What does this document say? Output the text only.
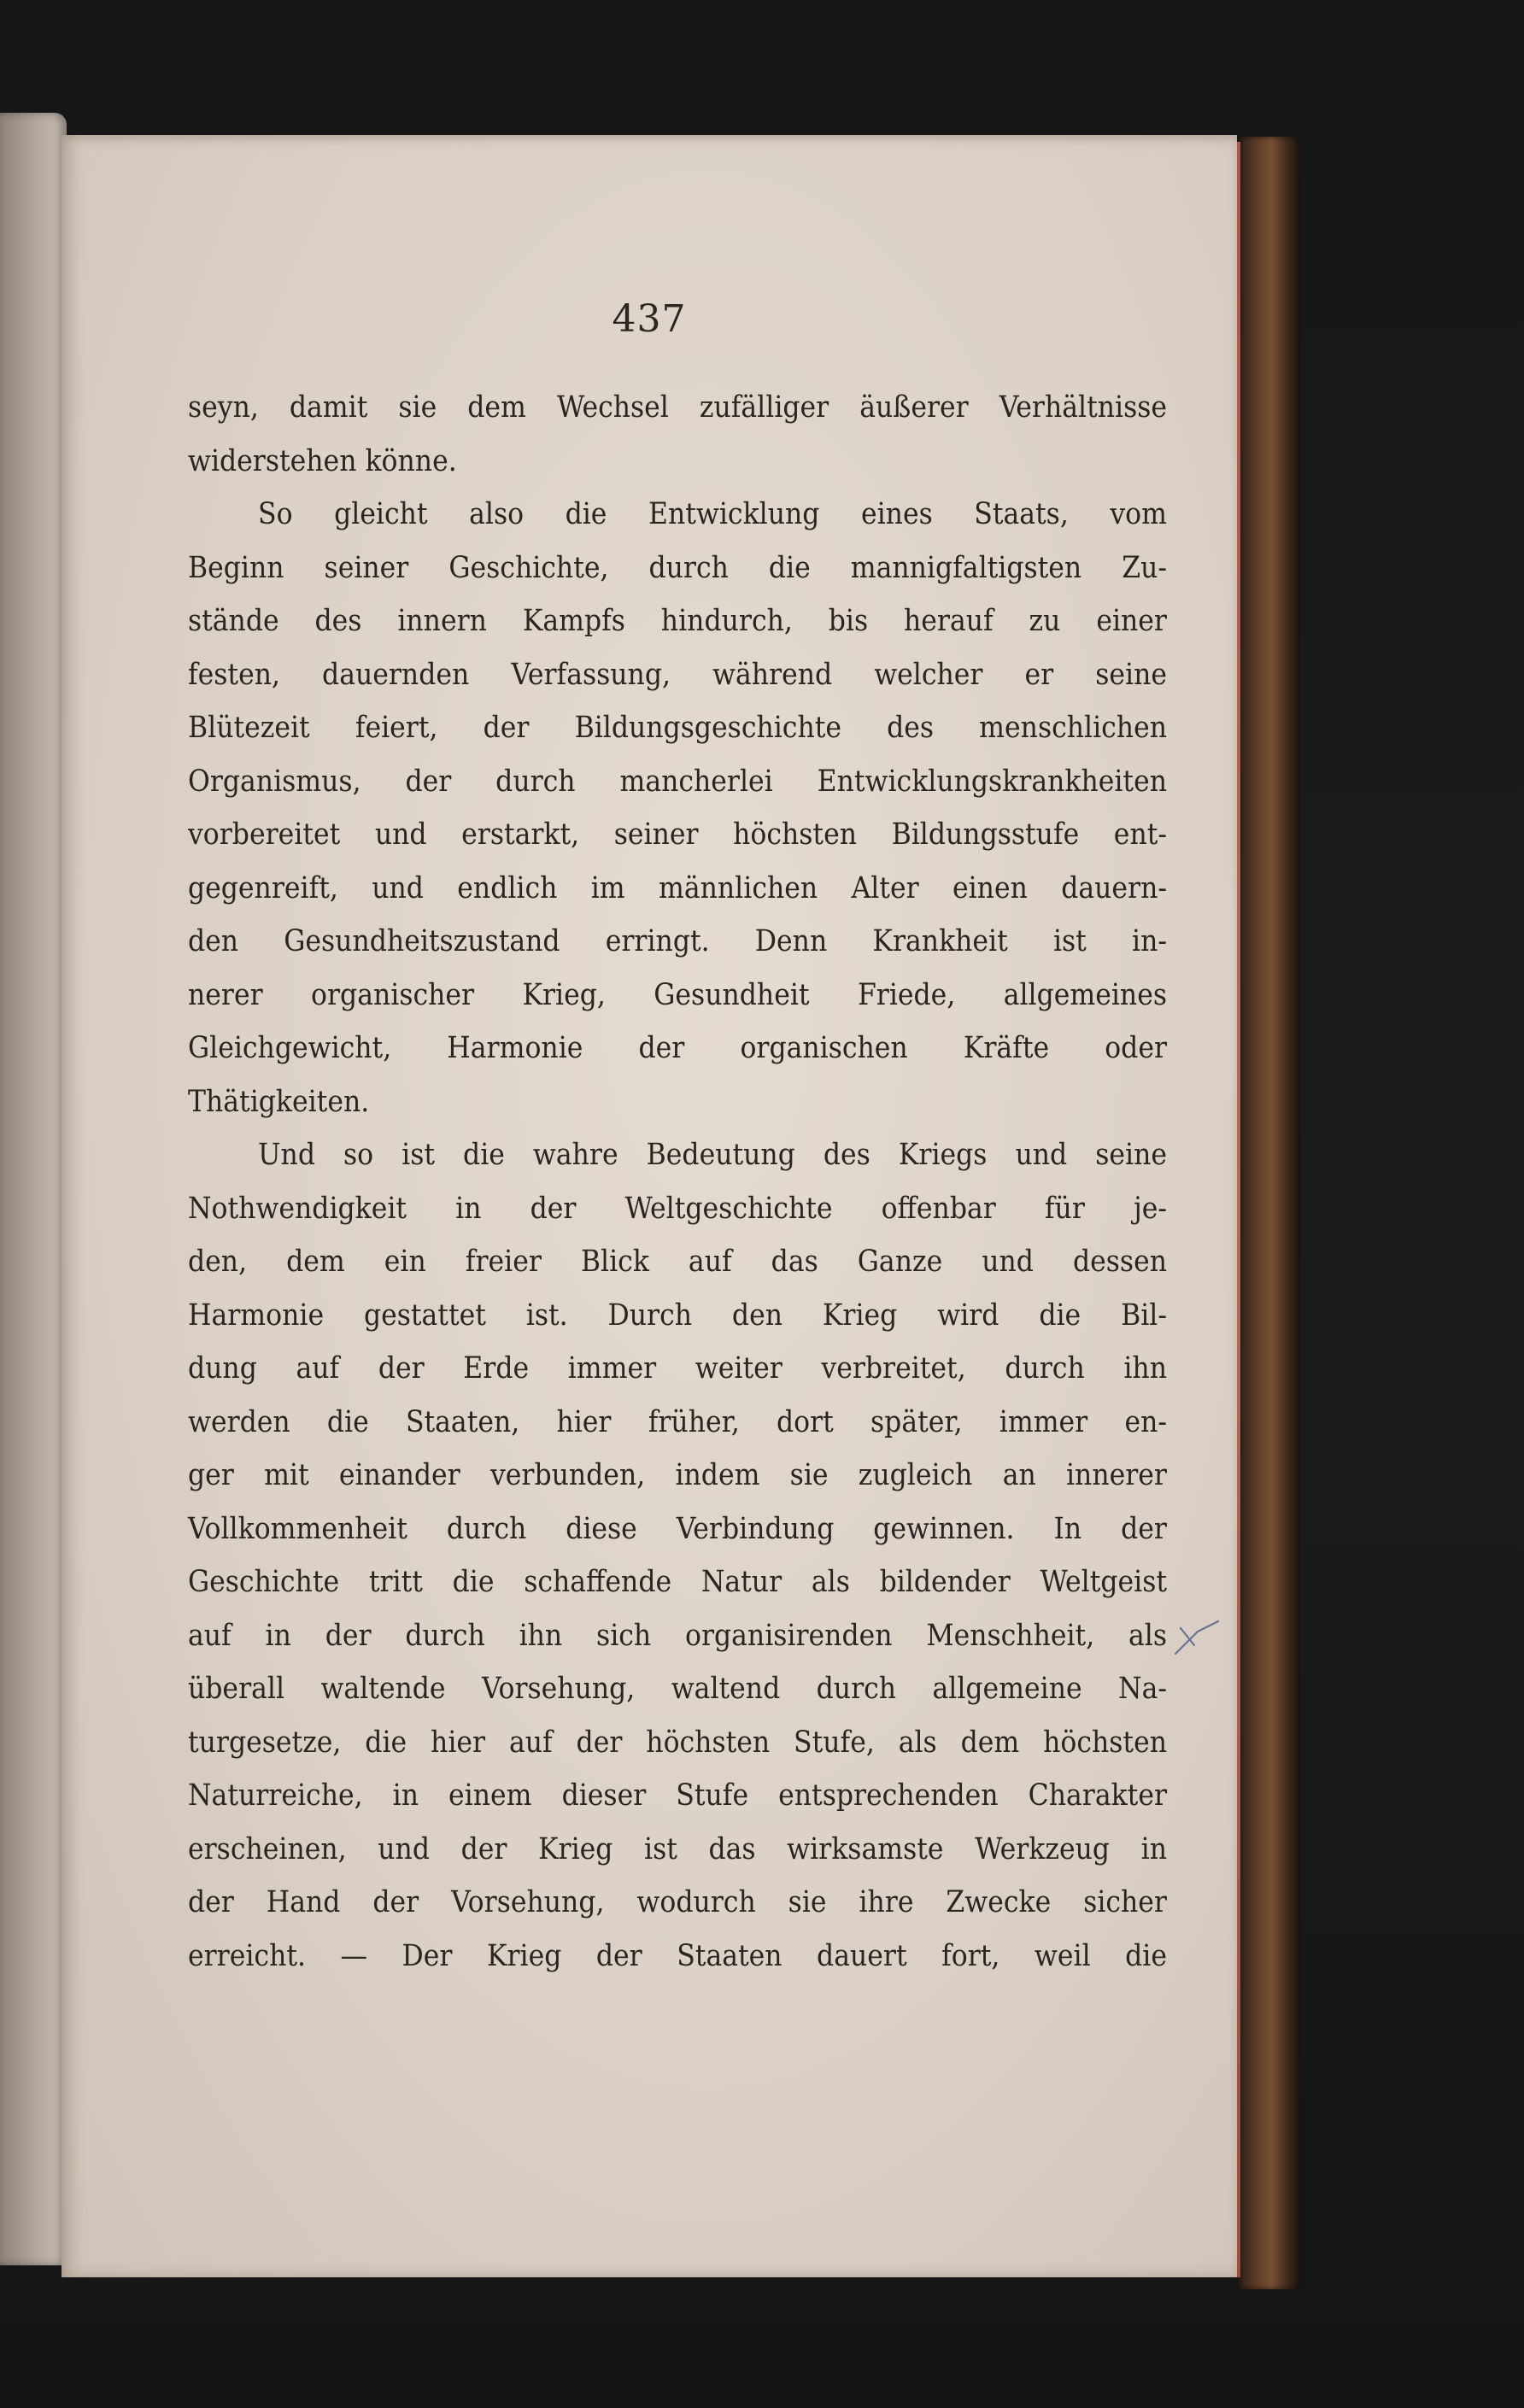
437
seyn, damit sie dem Wechsel zufälliger äußerer Verhältnisse
widerstehen könne.
So gleicht also die Entwicklung eines Staats, vom
Beginn seiner Geschichte, durch die mannigfaltigsten Zu-
stände des innern Kampfs hindurch, bis herauf zu einer
festen, dauernden Verfassung, während welcher er seine
Blütezeit feiert, der Bildungsgeschichte des menschlichen
Organismus, der durch mancherlei Entwicklungskrankheiten
vorbereitet und erstarkt, seiner höchsten Bildungsstufe ent-
gegenreift, und endlich im männlichen Alter einen dauern-
den Gesundheitszustand erringt. Denn Krankheit ist in-
nerer organischer Krieg, Gesundheit Friede, allgemeines
Gleichgewicht, Harmonie der organischen Kräfte oder
Thätigkeiten.
Und so ist die wahre Bedeutung des Kriegs und seine
Nothwendigkeit in der Weltgeschichte offenbar für je-
den, dem ein freier Blick auf das Ganze und dessen
Harmonie gestattet ist. Durch den Krieg wird die Bil-
dung auf der Erde immer weiter verbreitet, durch ihn
werden die Staaten, hier früher, dort später, immer en-
ger mit einander verbunden, indem sie zugleich an innerer
Vollkommenheit durch diese Verbindung gewinnen. In der
Geschichte tritt die schaffende Natur als bildender Weltgeist
auf in der durch ihn sich organisirenden Menschheit, als
überall waltende Vorsehung, waltend durch allgemeine Na-
turgesetze, die hier auf der höchsten Stufe, als dem höchsten
Naturreiche, in einem dieser Stufe entsprechenden Charakter
erscheinen, und der Krieg ist das wirksamste Werkzeug in
der Hand der Vorsehung, wodurch sie ihre Zwecke sicher
erreicht. — Der Krieg der Staaten dauert fort, weil die
